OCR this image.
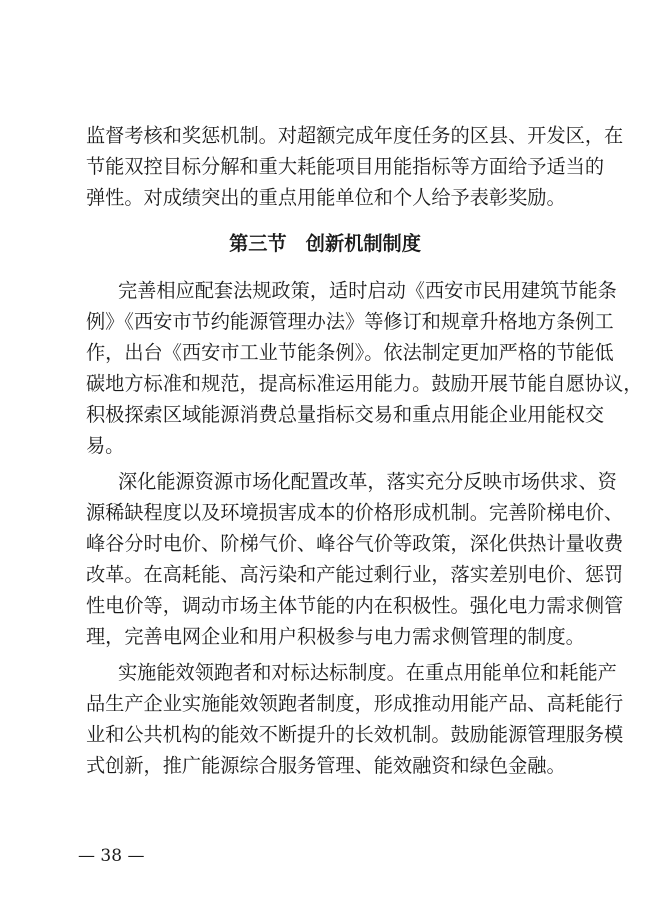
监督考核和奖惩机制。对超额完成年度任务的区县、开发区，在
节能双控目标分解和重大耗能项目用能指标等方面给予适当的
弹性。对成绩突出的重点用能单位和个人给予表彰奖励。
第三节　创新机制制度
完善相应配套法规政策，适时启动《西安市民用建筑节能条
例》《西安市节约能源管理办法》等修订和规章升格地方条例工
作，出台《西安市工业节能条例》。依法制定更加严格的节能低
碳地方标准和规范，提高标准运用能力。鼓励开展节能自愿协议，
积极探索区域能源消费总量指标交易和重点用能企业用能权交
易。
深化能源资源市场化配置改革，落实充分反映市场供求、资
源稀缺程度以及环境损害成本的价格形成机制。完善阶梯电价、
峰谷分时电价、阶梯气价、峰谷气价等政策，深化供热计量收费
改革。在高耗能、高污染和产能过剩行业，落实差别电价、惩罚
性电价等，调动市场主体节能的内在积极性。强化电力需求侧管
理，完善电网企业和用户积极参与电力需求侧管理的制度。
实施能效领跑者和对标达标制度。在重点用能单位和耗能产
品生产企业实施能效领跑者制度，形成推动用能产品、高耗能行
业和公共机构的能效不断提升的长效机制。鼓励能源管理服务模
式创新，推广能源综合服务管理、能效融资和绿色金融。
— 38 —
